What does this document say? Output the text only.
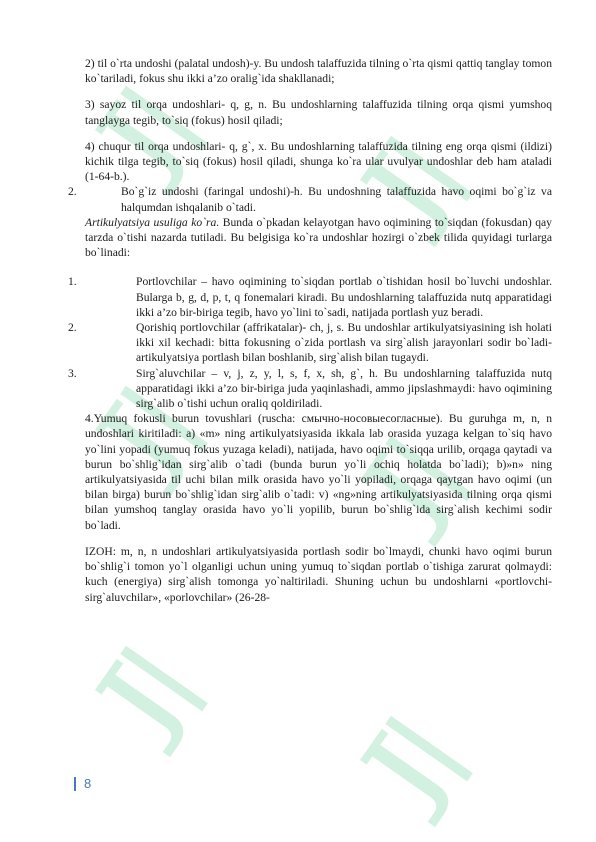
2) til o`rta undoshi (palatal undosh)-y. Bu undosh talaffuzida tilning o`rta qismi qattiq tanglay tomon ko`tariladi, fokus shu ikki a’zo oralig`ida shakllanadi;

3) sayoz til orqa undoshlari- q, g, n. Bu undoshlarning talaffuzida tilning orqa qismi yumshoq tanglayga tegib, to`siq (fokus) hosil qiladi;

4) chuqur til orqa undoshlari- q, g`, x. Bu undoshlarning talaffuzida tilning eng orqa qismi (ildizi) kichik tilga tegib, to`siq (fokus) hosil qiladi, shunga ko`ra ular uvulyar undoshlar deb ham ataladi (1-64-b.).

2.	Bo`g`iz undoshi (faringal undoshi)-h. Bu undoshning talaffuzida havo oqimi bo`g`iz va halqumdan ishqalanib o`tadi.

Artikulyatsiya usuliga ko`ra. Bunda o`pkadan kelayotgan havo oqimining to`siqdan (fokusdan) qay tarzda o`tishi nazarda tutiladi. Bu belgisiga ko`ra undoshlar hozirgi o`zbek tilida quyidagi turlarga bo`linadi:

1.	Portlovchilar – havo oqimining to`siqdan portlab o`tishidan hosil bo`luvchi undoshlar. Bularga b, g, d, p, t, q fonemalari kiradi. Bu undoshlarning talaffuzida nutq apparatidagi ikki a’zo bir-biriga tegib, havo yo`lini to`sadi, natijada portlash yuz beradi.
2.	Qorishiq portlovchilar (affrikatalar)- ch, j, s. Bu undoshlar artikulyatsiyasining ish holati ikki xil kechadi: bitta fokusning o`zida portlash va sirg`alish jarayonlari sodir bo`ladi- artikulyatsiya portlash bilan boshlanib, sirg`alish bilan tugaydi.
3.	Sirg`aluvchilar – v, j, z, y, l, s, f, x, sh, g`, h. Bu undoshlarning talaffuzida nutq apparatidagi ikki a’zo bir-biriga juda yaqinlashadi, ammo jipslashmaydi: havo oqimining sirg`alib o`tishi uchun oraliq qoldiriladi.

4.Yumuq fokusli burun tovushlari (ruscha: смычно-носовыесогласные). Bu guruhga m, n, n undoshlari kiritiladi: a) «m» ning artikulyatsiyasida ikkala lab orasida yuzaga kelgan to`siq havo yo`lini yopadi (yumuq fokus yuzaga keladi), natijada, havo oqimi to`siqqa urilib, orqaga qaytadi va burun bo`shlig`idan sirg`alib o`tadi (bunda burun yo`li ochiq holatda bo`ladi); b)»n» ning artikulyatsiyasida til uchi bilan milk orasida havo yo`li yopiladi, orqaga qaytgan havo oqimi (un bilan birga) burun bo`shlig`idan sirg`alib o`tadi: v) «ng»ning artikulyatsiyasida tilning orqa qismi bilan yumshoq tanglay orasida havo yo`li yopilib, burun bo`shlig`ida sirg`alish kechimi sodir bo`ladi.

IZOH: m, n, n undoshlari artikulyatsiyasida portlash sodir bo`lmaydi, chunki havo oqimi burun bo`shlig`i tomon yo`l olganligi uchun uning yumuq to`siqdan portlab o`tishiga zarurat qolmaydi: kuch (energiya) sirg`alish tomonga yo`naltiriladi. Shuning uchun bu undoshlarni «portlovchi-sirg`aluvchilar», «porlovchilar» (26-28-

8
